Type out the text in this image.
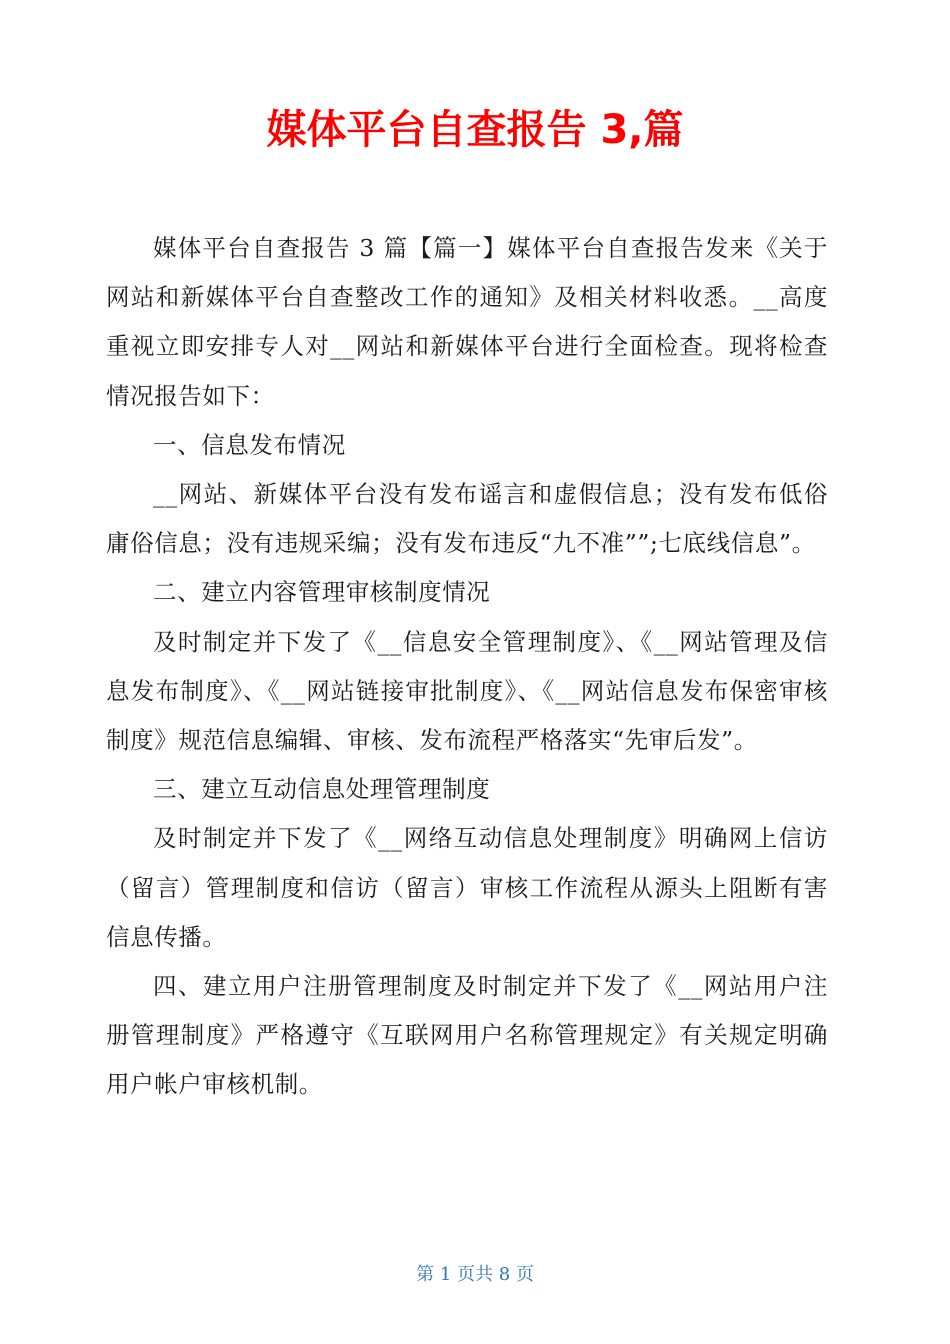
媒体平台自查报告 3,篇

媒体平台自查报告 3 篇【篇一】媒体平台自查报告发来《关于网站和新媒体平台自查整改工作的通知》及相关材料收悉。__高度重视立即安排专人对__网站和新媒体平台进行全面检查。现将检查情况报告如下：

一、信息发布情况

__网站、新媒体平台没有发布谣言和虚假信息；没有发布低俗庸俗信息；没有违规采编；没有发布违反“九不准””;七底线信息”。

二、建立内容管理审核制度情况

及时制定并下发了《__信息安全管理制度》、《__网站管理及信息发布制度》、《__网站链接审批制度》、《__网站信息发布保密审核制度》规范信息编辑、审核、发布流程严格落实“先审后发”。

三、建立互动信息处理管理制度

及时制定并下发了《__网络互动信息处理制度》明确网上信访（留言）管理制度和信访（留言）审核工作流程从源头上阻断有害信息传播。

四、建立用户注册管理制度及时制定并下发了《__网站用户注册管理制度》严格遵守《互联网用户名称管理规定》有关规定明确用户帐户审核机制。

第 1 页共 8 页
